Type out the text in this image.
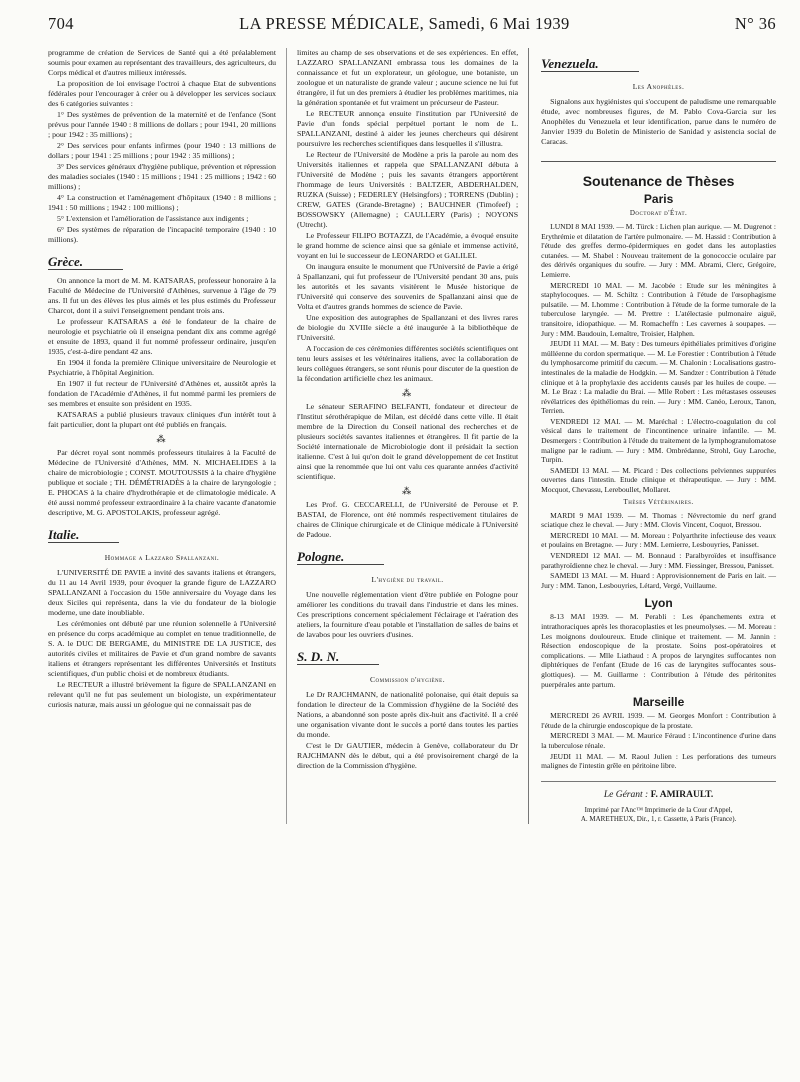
704	LA PRESSE MÉDICALE, Samedi, 6 Mai 1939	N° 36

programme de création de Services de Santé qui a été préalablement soumis pour examen au représentant des travailleurs, des agriculteurs, du Corps médical et d'autres milieux intéressés.

La proposition de loi envisage l'octroi à chaque Etat de subventions fédérales pour l'encourager à créer ou à développer les services sociaux des 6 catégories suivantes :

1° Des systèmes de prévention de la maternité et de l'enfance (Sont prévus pour l'année 1940 : 8 millions de dollars ; pour 1941, 20 millions ; pour 1942 : 35 millions) ;

2° Des services pour enfants infirmes (pour 1940 : 13 millions de dollars ; pour 1941 : 25 millions ; pour 1942 : 35 millions) ;

3° Des services généraux d'hygiène publique, prévention et répression des maladies sociales (1940 : 15 millions ; 1941 : 25 millions ; 1942 : 60 millions) ;

4° La construction et l'aménagement d'hôpitaux (1940 : 8 millions ; 1941 : 50 millions ; 1942 : 100 millions) ;

5° L'extension et l'amélioration de l'assistance aux indigents ;

6° Des systèmes de réparation de l'incapacité temporaire (1940 : 10 millions).

Grèce.

On annonce la mort de M. M. KATSARAS, professeur honoraire à la Faculté de Médecine de l'Université d'Athènes, survenue à l'âge de 79 ans. Il fut un des élèves les plus aimés et les plus estimés du Professeur Charcot, dont il a suivi l'enseignement pendant trois ans.

Le professeur KATSARAS a été le fondateur de la chaire de neurologie et psychiatrie où il enseigna pendant dix ans comme agrégé et ensuite de 1893, quand il fut nommé professeur ordinaire, jusqu'en 1935, c'est-à-dire pendant 42 ans.

En 1904 il fonda la première Clinique universitaire de Neurologie et Psychiatrie, à l'hôpital Aeginition.

En 1907 il fut recteur de l'Université d'Athènes et, aussitôt après la fondation de l'Académie d'Athènes, il fut nommé parmi les premiers de ses membres et ensuite son président en 1935.

KATSARAS a publié plusieurs travaux cliniques d'un intérêt tout à fait particulier, dont la plupart ont été publiés en français.

⁂

Par décret royal sont nommés professeurs titulaires à la Faculté de Médecine de l'Université d'Athènes, MM. N. MICHAELIDES à la chaire de microbiologie ; CONST. MOUTOUSSIS à la chaire d'hygiène publique et sociale ; TH. DÉMÉTRIADÈS à la chaire de laryngologie ; E. PHOCAS à la chaire d'hydrothérapie et de climatologie médicale. A été aussi nommé professeur extraordinaire à la chaire vacante d'anatomie descriptive, M. G. APOSTOLAKIS, professeur agrégé.

Italie.
Hommage a Lazzaro Spallanzani.

L'UNIVERSITÉ DE PAVIE a invité des savants italiens et étrangers, du 11 au 14 Avril 1939, pour évoquer la grande figure de LAZZARO SPALLANZANI à l'occasion du 150e anniversaire du Voyage dans les deux Siciles qui représenta, dans la vie du fondateur de la biologie moderne, une date inoubliable.

Les cérémonies ont débuté par une réunion solennelle à l'Université en présence du corps académique au complet en tenue traditionnelle, de S. A. le DUC DE BERGAME, du MINISTRE DE LA JUSTICE, des autorités civiles et militaires de Pavie et d'un grand nombre de savants italiens et étrangers représentant les différentes Universités et Instituts scientifiques, d'un public choisi et de nombreux étudiants.

Le RECTEUR a illustré brièvement la figure de SPALLANZANI en relevant qu'il ne fut pas seulement un biologiste, un expérimentateur curiosis naturæ, mais aussi un géologue qui ne connaissait pas de

limites au champ de ses observations et de ses expériences. En effet, LAZZARO SPALLANZANI embrassa tous les domaines de la connaissance et fut un explorateur, un géologue, une botaniste, un zoologue et un naturaliste de grande valeur ; aucune science ne lui fut étrangère, il fut un des premiers à étudier les problèmes maritimes, nia la génération spontanée et fut vraiment un précurseur de Pasteur.

Le RECTEUR annonça ensuite l'institution par l'Université de Pavie d'un fonds spécial perpétuel portant le nom de L. SPALLANZANI, destiné à aider les jeunes chercheurs qui désirent poursuivre les recherches scientifiques dans lesquelles il s'illustra.

Le Recteur de l'Université de Modène a pris la parole au nom des Universités italiennes et rappela que SPALLANZANI débuta à l'Université de Modène ; puis les savants étrangers apportèrent l'hommage de leurs Universités : BALTZER, ABDERHALDEN, RUZKA (Suisse) ; FEDERLEY (Helsingfors) ; TORRENS (Dublin) ; CREW, GATES (Grande-Bretagne) ; BAUCHNER (Timofeef) ; BOSSOWSKY (Allemagne) ; CAULLERY (Paris) ; NOYONS (Utrecht).

Le Professeur FILIPO BOTAZZI, de l'Académie, a évoqué ensuite le grand homme de science ainsi que sa géniale et immense activité, voyant en lui le successeur de LEONARDO et GALILEI.

On inaugura ensuite le monument que l'Université de Pavie a érigé à Spallanzani, qui fut professeur de l'Université pendant 30 ans, puis les autorités et les savants visitèrent le Musée historique de l'Université qui conserve des souvenirs de Spallanzani ainsi que de Volta et d'autres grands hommes de science de Pavie.

Une exposition des autographes de Spallanzani et des livres rares de biologie du XVIIIe siècle a été inaugurée à la bibliothèque de l'Université.

A l'occasion de ces cérémonies différentes sociétés scientifiques ont tenu leurs assises et les vétérinaires italiens, avec la collaboration de leurs collègues étrangers, se sont réunis pour discuter de la question de la fécondation artificielle chez les animaux.

⁂

Le sénateur SERAFINO BELFANTI, fondateur et directeur de l'Institut sérothérapique de Milan, est décédé dans cette ville. Il était membre de la Direction du Conseil national des recherches et de plusieurs sociétés savantes italiennes et étrangères. Il fit partie de la Société internationale de Microbiologie dont il présidait la section italienne. C'est à lui qu'on doit le grand développement de cet Institut ainsi que la renommée que lui ont valu ces quarante années d'activité scientifique.

⁂

Les Prof. G. CECCARELLI, de l'Université de Perouse et P. BASTAI, de Florence, ont été nommés respectivement titulaires de chaires de Clinique chirurgicale et de Clinique médicale à l'Université de Padoue.

Pologne.
L'hygiène du travail.

Une nouvelle réglementation vient d'être publiée en Pologne pour améliorer les conditions du travail dans l'industrie et dans les mines. Ces prescriptions concernent spécialement l'éclairage et l'aération des ateliers, la fourniture d'eau potable et l'installation de salles de bains et de lavabos pour les ouvriers d'usines.

S. D. N.
Commission d'hygiène.

Le Dr RAJCHMANN, de nationalité polonaise, qui était depuis sa fondation le directeur de la Commission d'hygiène de la Société des Nations, a abandonné son poste après dix-huit ans d'activité. Il a créé une organisation vivante dont le succès a porté dans toutes les parties du monde.

C'est le Dr GAUTIER, médecin à Genève, collaborateur du Dr RAJCHMANN dès le début, qui a été provisoirement chargé de la direction de la Commission d'hygiène.

Venezuela.
Les Anophèles.

Signalons aux hygiénistes qui s'occupent de paludisme une remarquable étude, avec nombreuses figures, de M. Pablo Cova-Garcia sur les Anophèles du Venezuela et leur identification, parue dans le numéro de Janvier 1939 du Boletin de Ministerio de Sanidad y asistencia social de Caracas.

Soutenance de Thèses
Paris
Doctorat d'État.

LUNDI 8 MAI 1939. — M. Türck : Lichen plan aurique. — M. Dugrenot : Erythrémie et dilatation de l'artère pulmonaire. — M. Hassid : Contribution à l'étude des greffes dermo-épidermiques en godet dans les autoplasties cutanées. — M. Shabel : Nouveau traitement de la gonococcie oculaire par des dérivés organiques du soufre. — Jury : MM. Abrami, Clerc, Grégoire, Lemierre.

MERCREDI 10 MAI. — M. Jacobée : Etude sur les méningites à staphylocoques. — M. Schiltz : Contribution à l'étude de l'œsophagisme pulsatile. — M. Lhomme : Contribution à l'étude de la forme tumorale de la tuberculose laryngée. — M. Prettre : L'atélectasie pulmonaire aiguë, transitoire, idiopathique. — M. Romacheffn : Les cavernes à soupapes. — Jury : MM. Baudouin, Lemaître, Troisier, Halphen.

JEUDI 11 MAI. — M. Baty : Des tumeurs épithéliales primitives d'origine mülléenne du cordon spermatique. — M. Le Forestier : Contribution à l'étude du lymphosarcome primitif du cæcum. — M. Chalonin : Localisations gastro-intestinales de la maladie de Hodgkin. — M. Sandzer : Contribution à l'étude clinique et à la prophylaxie des accidents causés par les huiles de coupe. — M. Le Braz : La maladie du Brai. — Mlle Robert : Les métastases osseuses révélatrices des épithéliomas du rein. — Jury : MM. Canéo, Leroux, Tanon, Terrien.

VENDREDI 12 MAI. — M. Maréchal : L'électro-coagulation du col vésical dans le traitement de l'incontinence urinaire infantile. — M. Desmergers : Contribution à l'étude du traitement de la lymphogranulomatose maligne par le radium. — Jury : MM. Ombrédanne, Strohl, Guy Laroche, Turpin.

SAMEDI 13 MAI. — M. Picard : Des collections pelviennes suppurées ouvertes dans l'intestin. Etude clinique et thérapeutique. — Jury : MM. Mocquot, Chevassu, Lereboullet, Mollaret.

Thèses Vétérinaires.

MARDI 9 MAI 1939. — M. Thomas : Névrectomie du nerf grand sciatique chez le cheval. — Jury : MM. Clovis Vincent, Coquot, Bressou.

MERCREDI 10 MAI. — M. Moreau : Polyarthrite infectieuse des veaux et poulains en Bretagne. — Jury : MM. Lemierre, Lesbouyries, Panisset.

VENDREDI 12 MAI. — M. Bonnaud : Paralbyroïdes et insuffisance parathyroïdienne chez le cheval. — Jury : MM. Fiessinger, Bressou, Panisset.

SAMEDI 13 MAI. — M. Huard : Approvisionnement de Paris en lait. — Jury : MM. Tanon, Lesbouyries, Létard, Vergé, Vuillaume.

Lyon

8-13 MAI 1939. — M. Perabli : Les épanchements extra et intrathoraciques après les thoracoplasties et les pneumolyses. — M. Moreau : Les moignons douloureux. Etude clinique et traitement. — M. Jannin : Résection endoscopique de la prostate. Soins post-opératoires et complications. — Mlle Liathaud : A propos de laryngites suffocantes non diphtériques de l'enfant (Etude de 16 cas de laryngites suffocantes sous-glottiques). — M. Guillarme : Contribution à l'étude des péritonites puerpérales ante partum.

Marseille

MERCREDI 26 AVRIL 1939. — M. Georges Monfort : Contribution à l'étude de la chirurgie endoscopique de la prostate.

MERCREDI 3 MAI. — M. Maurice Féraud : L'incontinence d'urine dans la tuberculose rénale.

JEUDI 11 MAI. — M. Raoul Julien : Les perforations des tumeurs malignes de l'intestin grêle en péritoine libre.

Le Gérant : F. AMIRAULT.
Imprimé par l'Anc™ Imprimerie de la Cour d'Appel,
A. MARETHEUX, Dir., 1, r. Cassette, à Paris (France).
